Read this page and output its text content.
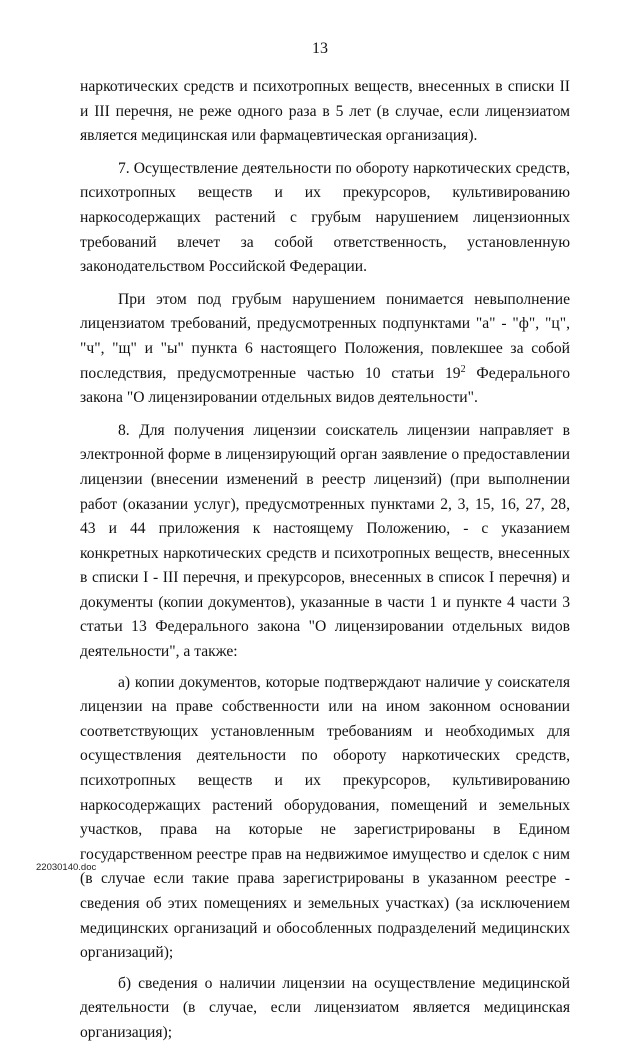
13

наркотических средств и психотропных веществ, внесенных в списки II и III перечня, не реже одного раза в 5 лет (в случае, если лицензиатом является медицинская или фармацевтическая организация).

7. Осуществление деятельности по обороту наркотических средств, психотропных веществ и их прекурсоров, культивированию наркосодержащих растений с грубым нарушением лицензионных требований влечет за собой ответственность, установленную законодательством Российской Федерации.

При этом под грубым нарушением понимается невыполнение лицензиатом требований, предусмотренных подпунктами "а" - "ф", "ц", "ч", "щ" и "ы" пункта 6 настоящего Положения, повлекшее за собой последствия, предусмотренные частью 10 статьи $19^2$ Федерального закона "О лицензировании отдельных видов деятельности".

8. Для получения лицензии соискатель лицензии направляет в электронной форме в лицензирующий орган заявление о предоставлении лицензии (внесении изменений в реестр лицензий) (при выполнении работ (оказании услуг), предусмотренных пунктами 2, 3, 15, 16, 27, 28, 43 и 44 приложения к настоящему Положению, - с указанием конкретных наркотических средств и психотропных веществ, внесенных в списки I - III перечня, и прекурсоров, внесенных в список I перечня) и документы (копии документов), указанные в части 1 и пункте 4 части 3 статьи 13 Федерального закона "О лицензировании отдельных видов деятельности", а также:

а) копии документов, которые подтверждают наличие у соискателя лицензии на праве собственности или на ином законном основании соответствующих установленным требованиям и необходимых для осуществления деятельности по обороту наркотических средств, психотропных веществ и их прекурсоров, культивированию наркосодержащих растений оборудования, помещений и земельных участков, права на которые не зарегистрированы в Едином государственном реестре прав на недвижимое имущество и сделок с ним (в случае если такие права зарегистрированы в указанном реестре - сведения об этих помещениях и земельных участках) (за исключением медицинских организаций и обособленных подразделений медицинских организаций);

б) сведения о наличии лицензии на осуществление медицинской деятельности (в случае, если лицензиатом является медицинская организация);

22030140.doc
